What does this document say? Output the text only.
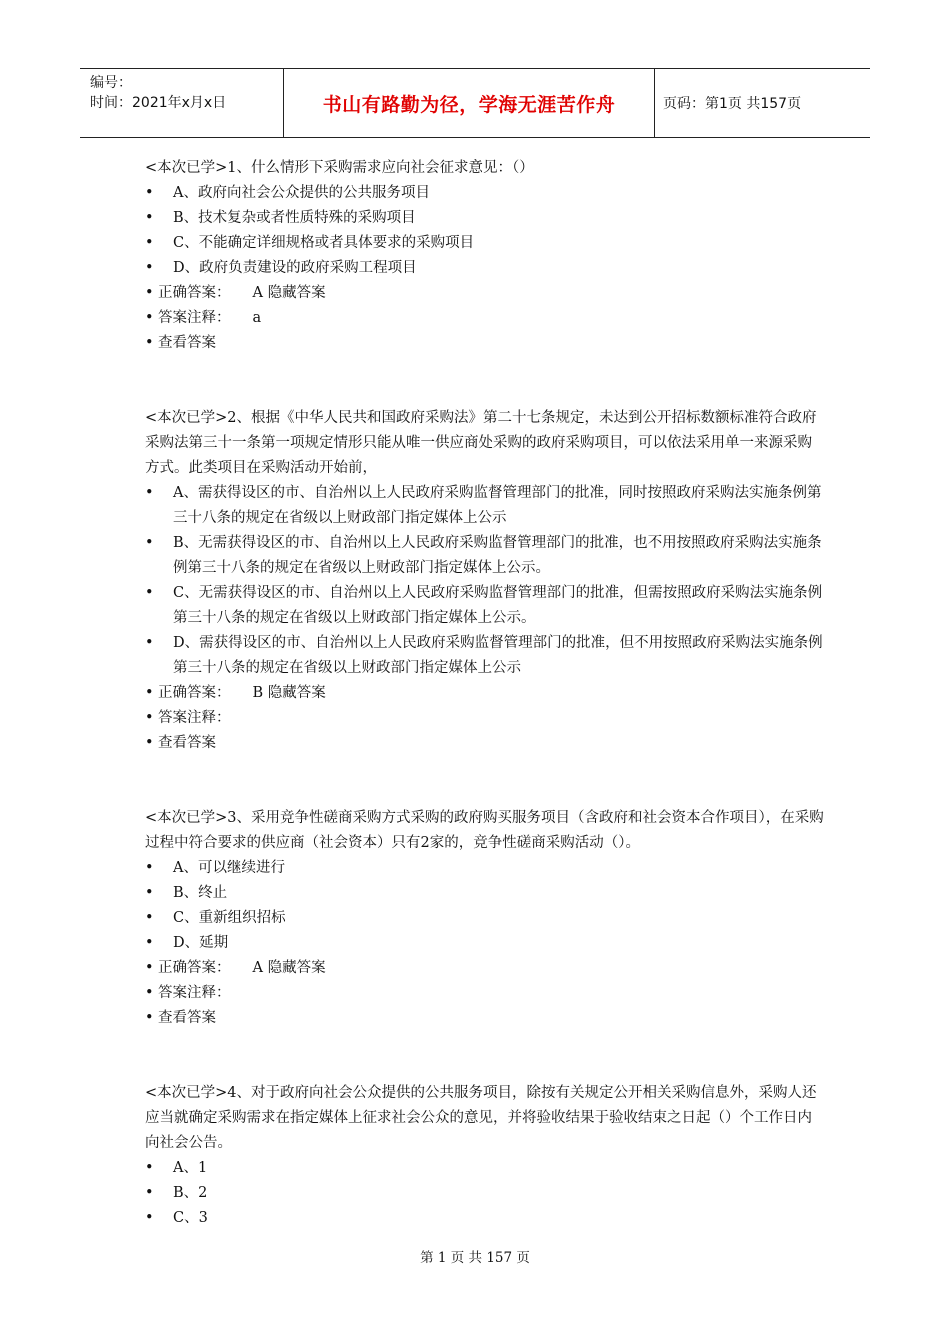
编号：
时间：2021年x月x日	书山有路勤为径，学海无涯苦作舟	页码：第1页 共157页

<本次已学>1、什么情形下采购需求应向社会征求意见：（）

• A、政府向社会公众提供的公共服务项目

• B、技术复杂或者性质特殊的采购项目

• C、不能确定详细规格或者具体要求的采购项目

• D、政府负责建设的政府采购工程项目

• 正确答案： A 隐藏答案

• 答案注释： a

• 查看答案

<本次已学>2、根据《中华人民共和国政府采购法》第二十七条规定，未达到公开招标数额标准符合政府采购法第三十一条第一项规定情形只能从唯一供应商处采购的政府采购项目，可以依法采用单一来源采购方式。此类项目在采购活动开始前，

• A、需获得设区的市、自治州以上人民政府采购监督管理部门的批准，同时按照政府采购法实施条例第三十八条的规定在省级以上财政部门指定媒体上公示

• B、无需获得设区的市、自治州以上人民政府采购监督管理部门的批准，也不用按照政府采购法实施条例第三十八条的规定在省级以上财政部门指定媒体上公示。

• C、无需获得设区的市、自治州以上人民政府采购监督管理部门的批准，但需按照政府采购法实施条例第三十八条的规定在省级以上财政部门指定媒体上公示。

• D、需获得设区的市、自治州以上人民政府采购监督管理部门的批准，但不用按照政府采购法实施条例第三十八条的规定在省级以上财政部门指定媒体上公示

• 正确答案： B 隐藏答案

• 答案注释：

• 查看答案

<本次已学>3、采用竞争性磋商采购方式采购的政府购买服务项目（含政府和社会资本合作项目），在采购过程中符合要求的供应商（社会资本）只有2家的，竞争性磋商采购活动（）。

• A、可以继续进行

• B、终止

• C、重新组织招标

• D、延期

• 正确答案： A 隐藏答案

• 答案注释：

• 查看答案

<本次已学>4、对于政府向社会公众提供的公共服务项目，除按有关规定公开相关采购信息外，采购人还应当就确定采购需求在指定媒体上征求社会公众的意见，并将验收结果于验收结束之日起（）个工作日内向社会公告。

• A、1

• B、2

• C、3

第 1 页 共 157 页
